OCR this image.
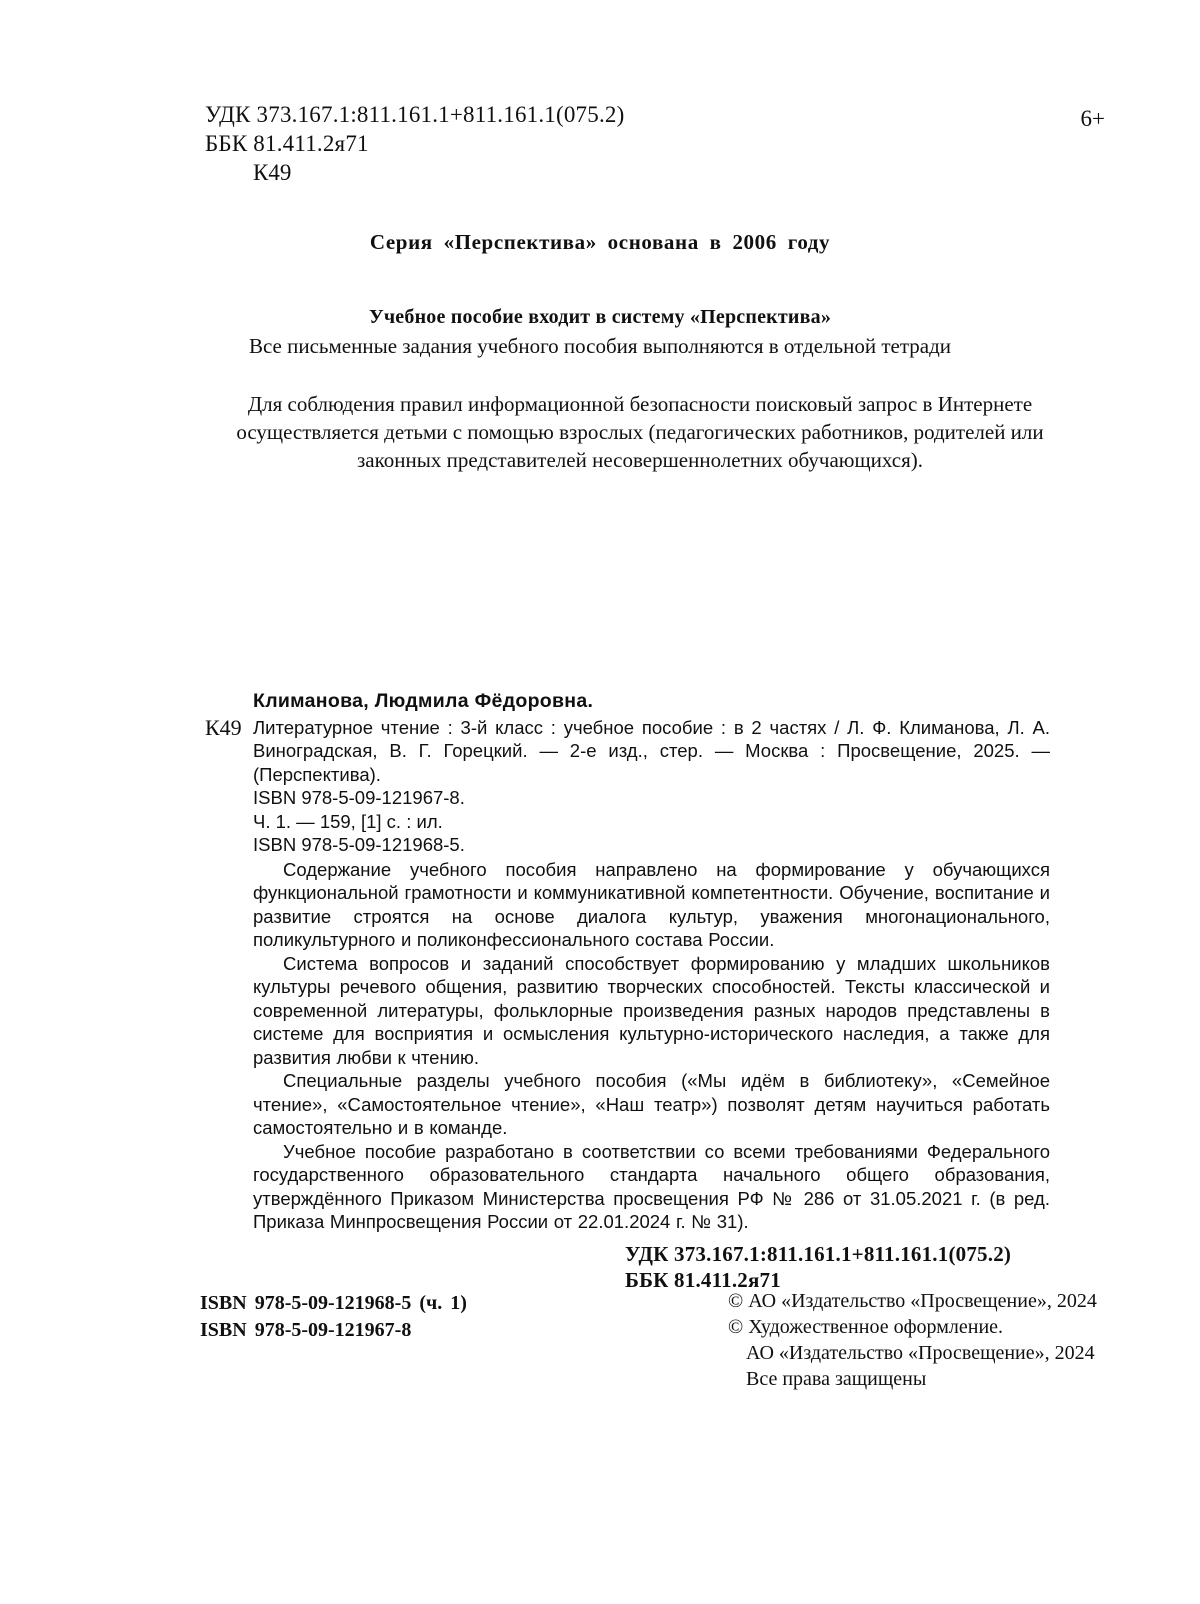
УДК 373.167.1:811.161.1+811.161.1(075.2)
ББК 81.411.2я71
К49
6+
Серия «Перспектива» основана в 2006 году
Учебное пособие входит в систему «Перспектива»
Все письменные задания учебного пособия выполняются в отдельной тетради
Для соблюдения правил информационной безопасности поисковый запрос в Интернете осуществляется детьми с помощью взрослых (педагогических работников, родителей или законных представителей несовершеннолетних обучающихся).
Климанова, Людмила Фёдоровна.
К49 Литературное чтение : 3-й класс : учебное пособие : в 2 частях / Л. Ф. Климанова, Л. А. Виноградская, В. Г. Горецкий. — 2-е изд., стер. — Москва : Просвещение, 2025. — (Перспектива).

ISBN 978-5-09-121967-8.

Ч. 1. — 159, [1] с. : ил.

ISBN 978-5-09-121968-5.

Содержание учебного пособия направлено на формирование у обучающихся функциональной грамотности и коммуникативной компетентности. Обучение, воспитание и развитие строятся на основе диалога культур, уважения многонационального, поликультурного и поликонфессионального состава России.

Система вопросов и заданий способствует формированию у младших школьников культуры речевого общения, развитию творческих способностей. Тексты классической и современной литературы, фольклорные произведения разных народов представлены в системе для восприятия и осмысления культурно-исторического наследия, а также для развития любви к чтению.

Специальные разделы учебного пособия («Мы идём в библиотеку», «Семейное чтение», «Самостоятельное чтение», «Наш театр») позволят детям научиться работать самостоятельно и в команде.

Учебное пособие разработано в соответствии со всеми требованиями Федерального государственного образовательного стандарта начального общего образования, утверждённого Приказом Министерства просвещения РФ № 286 от 31.05.2021 г. (в ред. Приказа Минпросвещения России от 22.01.2024 г. № 31).

УДК 373.167.1:811.161.1+811.161.1(075.2)
ББК 81.411.2я71
ISBN 978-5-09-121968-5 (ч. 1)
ISBN 978-5-09-121967-8
© АО «Издательство «Просвещение», 2024
© Художественное оформление.
АО «Издательство «Просвещение», 2024
Все права защищены
